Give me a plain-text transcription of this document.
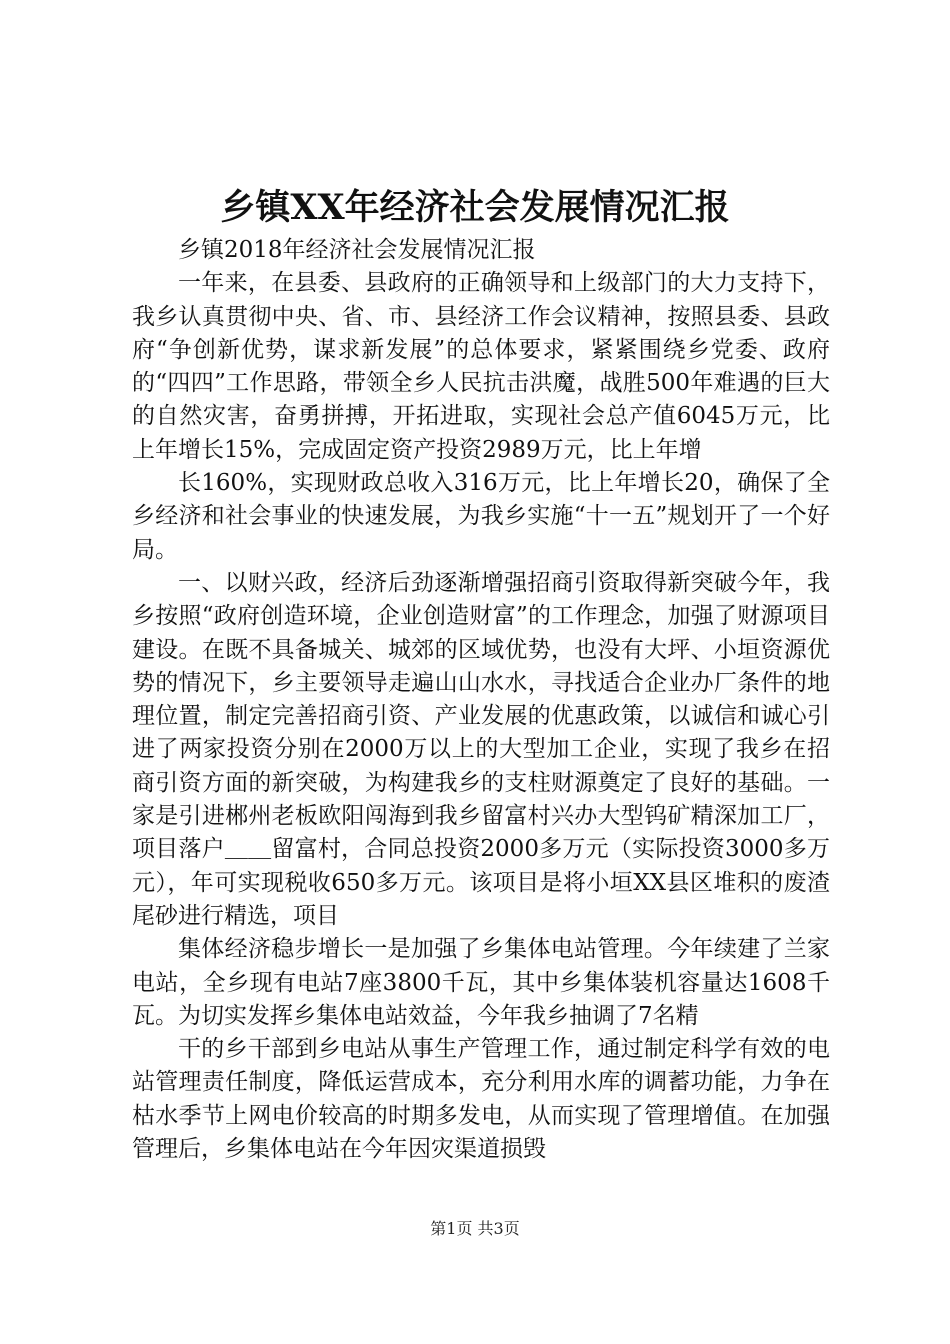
乡镇XX年经济社会发展情况汇报

乡镇2018年经济社会发展情况汇报

一年来，在县委、县政府的正确领导和上级部门的大力支持下，我乡认真贯彻中央、省、市、县经济工作会议精神，按照县委、县政府“争创新优势，谋求新发展”的总体要求，紧紧围绕乡党委、政府的“四四”工作思路，带领全乡人民抗击洪魔，战胜500年难遇的巨大的自然灾害，奋勇拼搏，开拓进取，实现社会总产值6045万元，比上年增长15%，完成固定资产投资2989万元，比上年增

长160%，实现财政总收入316万元，比上年增长20，确保了全乡经济和社会事业的快速发展，为我乡实施“十一五”规划开了一个好局。

一、以财兴政，经济后劲逐渐增强招商引资取得新突破今年，我乡按照“政府创造环境，企业创造财富”的工作理念，加强了财源项目建设。在既不具备城关、城郊的区域优势，也没有大坪、小垣资源优势的情况下，乡主要领导走遍山山水水，寻找适合企业办厂条件的地理位置，制定完善招商引资、产业发展的优惠政策，以诚信和诚心引进了两家投资分别在2000万以上的大型加工企业，实现了我乡在招商引资方面的新突破，为构建我乡的支柱财源奠定了良好的基础。一家是引进郴州老板欧阳闯海到我乡留富村兴办大型钨矿精深加工厂，项目落户＿＿留富村，合同总投资2000多万元（实际投资3000多万元），年可实现税收650多万元。该项目是将小垣XX县区堆积的废渣尾砂进行精选，项目

集体经济稳步增长一是加强了乡集体电站管理。今年续建了兰家电站，全乡现有电站7座3800千瓦，其中乡集体装机容量达1608千瓦。为切实发挥乡集体电站效益，今年我乡抽调了7名精

干的乡干部到乡电站从事生产管理工作，通过制定科学有效的电站管理责任制度，降低运营成本，充分利用水库的调蓄功能，力争在枯水季节上网电价较高的时期多发电，从而实现了管理增值。在加强管理后，乡集体电站在今年因灾渠道损毁

第1页 共3页
